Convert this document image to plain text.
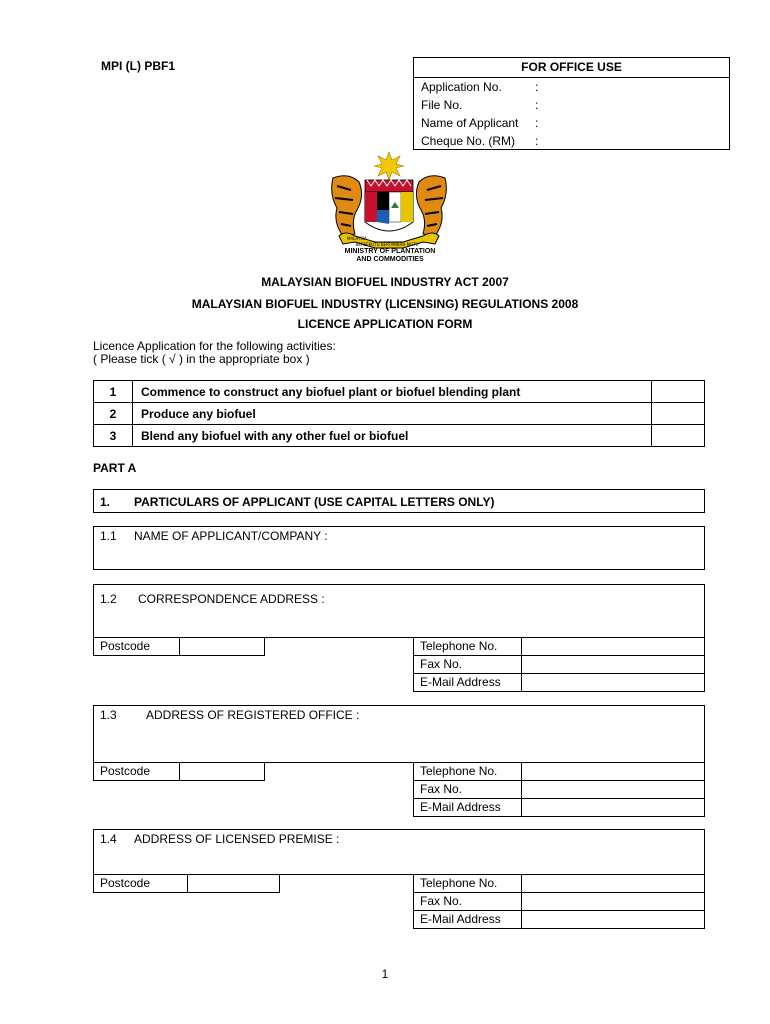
MPI (L) PBF1	FOR OFFICE USE
Application No.	:
File No.	:
Name of Applicant :
Cheque No. (RM) :
MALAYSIA
BERSEKUTU BERTAMBAH MUTU
MINISTRY OF PLANTATION
AND COMMODITIES
MALAYSIAN BIOFUEL INDUSTRY ACT 2007
MALAYSIAN BIOFUEL INDUSTRY (LICENSING) REGULATIONS 2008
LICENCE APPLICATION FORM
Licence Application for the following activities:
( Please tick ( √ ) in the appropriate box )
1	Commence to construct any biofuel plant or biofuel blending plant	
2	Produce any biofuel	
3	Blend any biofuel with any other fuel or biofuel	
PART A
1. PARTICULARS OF APPLICANT (USE CAPITAL LETTERS ONLY)
1.1 NAME OF APPLICANT/COMPANY :
1.2 CORRESPONDENCE ADDRESS :
Postcode	Telephone No.
Fax No.
E-Mail Address
1.3 ADDRESS OF REGISTERED OFFICE :
Postcode	Telephone No.
Fax No.
E-Mail Address
1.4 ADDRESS OF LICENSED PREMISE :
Postcode	Telephone No.
Fax No.
E-Mail Address
1
